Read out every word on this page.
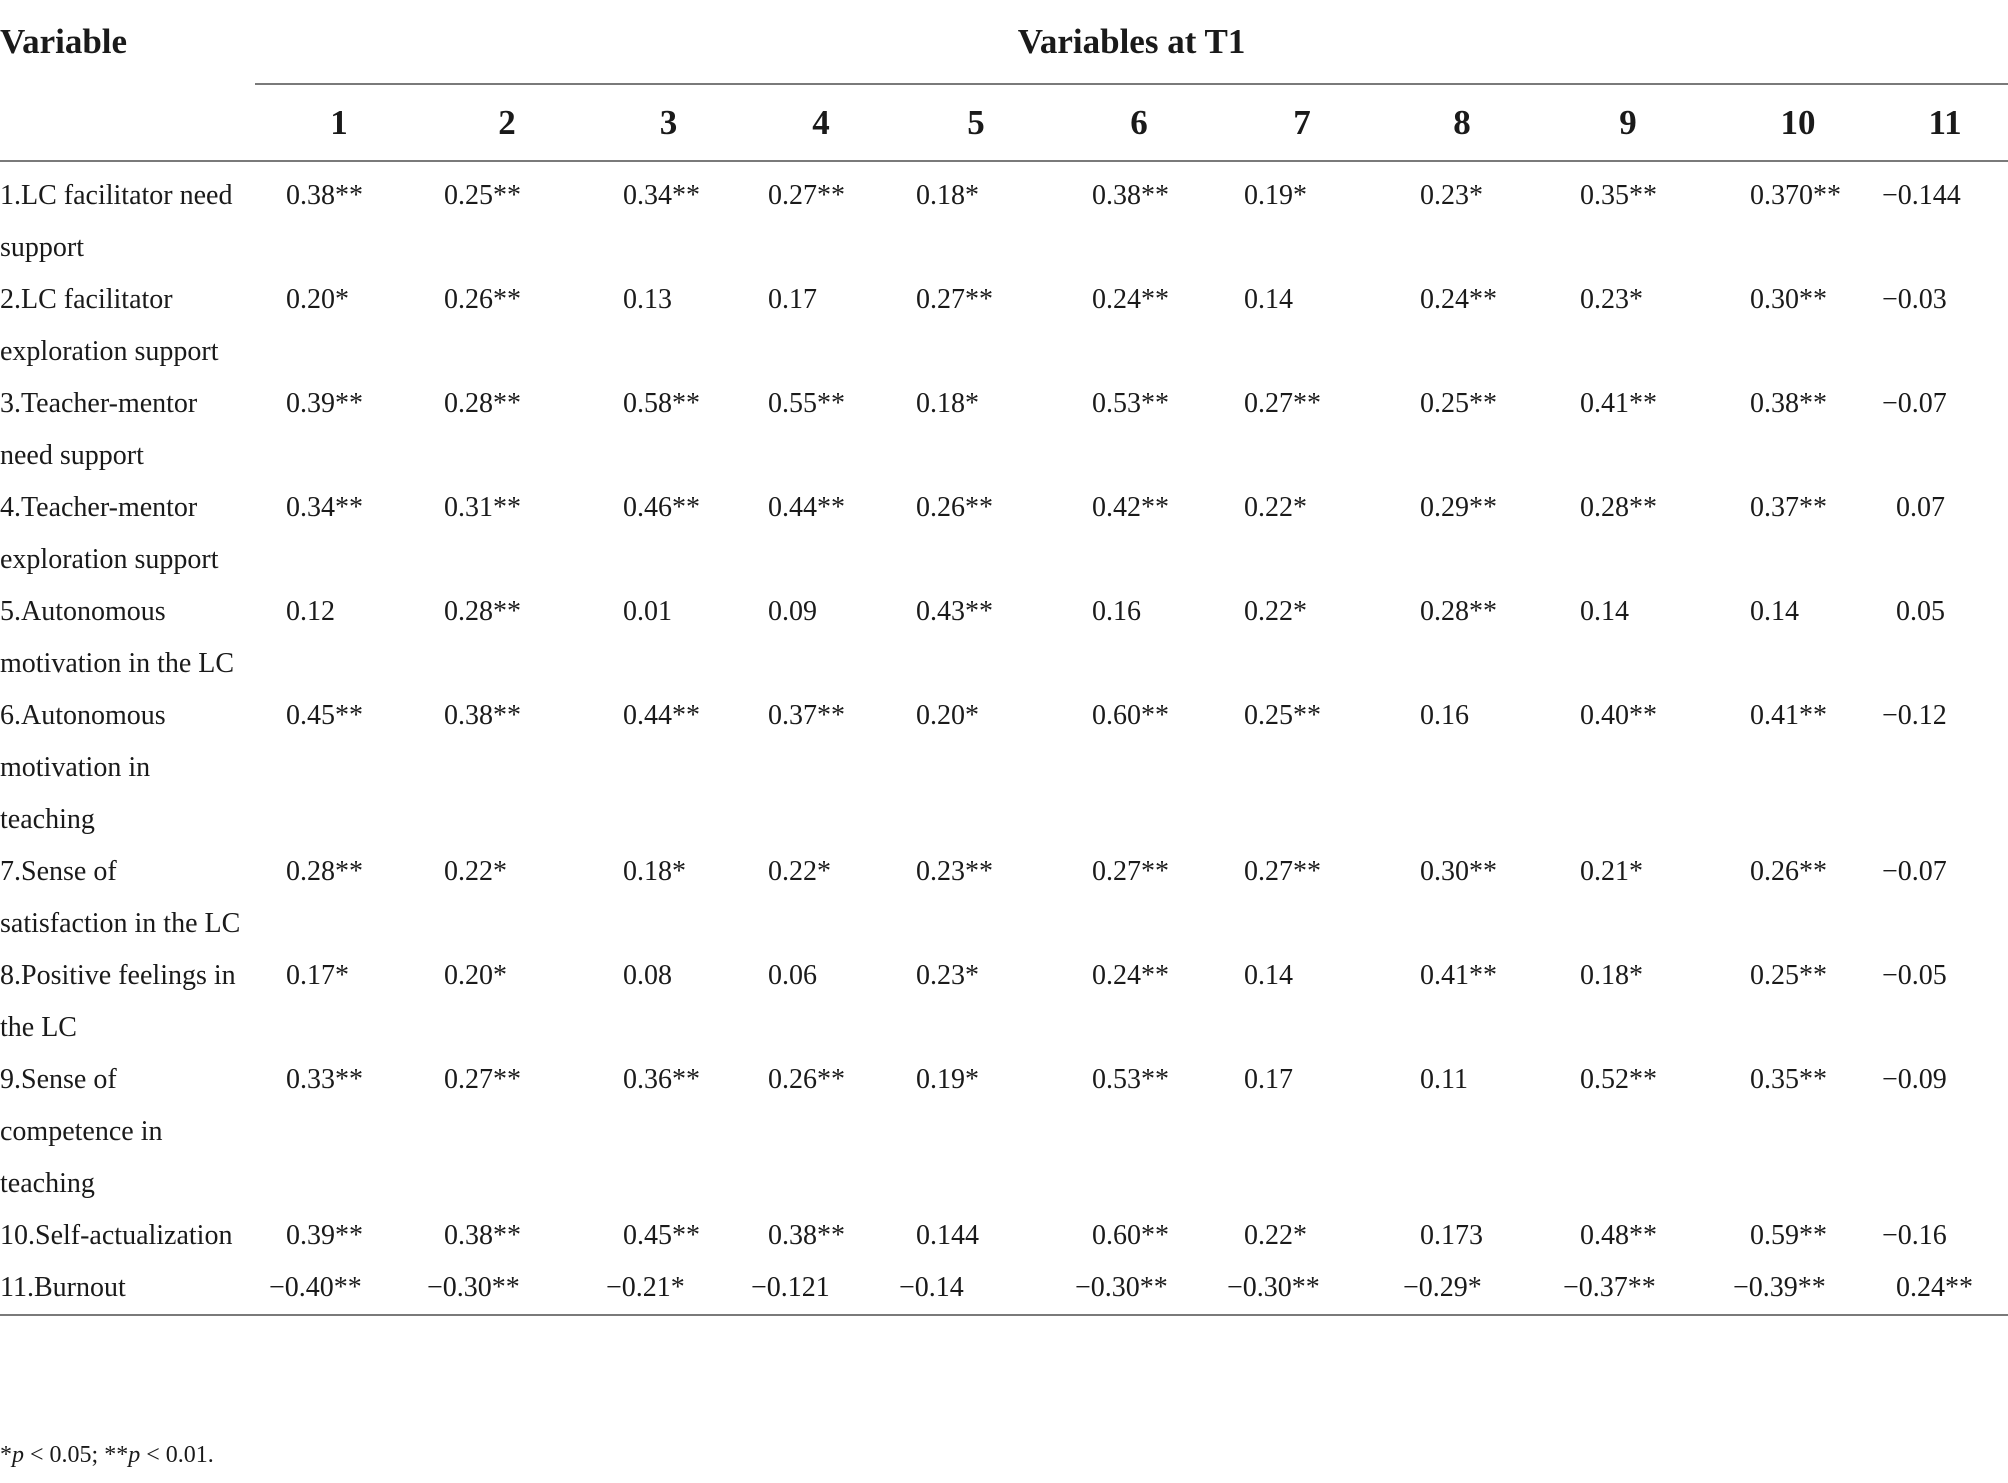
Variable	Variables at T1										
	1	2	3	4	5	6	7	8	9	10	11
1.LC facilitator need support	0.38**	0.25**	0.34**	0.27**	0.18*	0.38**	0.19*	0.23*	0.35**	0.370**	−0.144
2.LC facilitator exploration support	0.20*	0.26**	0.13	0.17	0.27**	0.24**	0.14	0.24**	0.23*	0.30**	−0.03
3.Teacher-mentor need support	0.39**	0.28**	0.58**	0.55**	0.18*	0.53**	0.27**	0.25**	0.41**	0.38**	−0.07
4.Teacher-mentor exploration support	0.34**	0.31**	0.46**	0.44**	0.26**	0.42**	0.22*	0.29**	0.28**	0.37**	0.07
5.Autonomous motivation in the LC	0.12	0.28**	0.01	0.09	0.43**	0.16	0.22*	0.28**	0.14	0.14	0.05
6.Autonomous motivation in teaching	0.45**	0.38**	0.44**	0.37**	0.20*	0.60**	0.25**	0.16	0.40**	0.41**	−0.12
7.Sense of satisfaction in the LC	0.28**	0.22*	0.18*	0.22*	0.23**	0.27**	0.27**	0.30**	0.21*	0.26**	−0.07
8.Positive feelings in the LC	0.17*	0.20*	0.08	0.06	0.23*	0.24**	0.14	0.41**	0.18*	0.25**	−0.05
9.Sense of competence in teaching	0.33**	0.27**	0.36**	0.26**	0.19*	0.53**	0.17	0.11	0.52**	0.35**	−0.09
10.Self-actualization	0.39**	0.38**	0.45**	0.38**	0.144	0.60**	0.22*	0.173	0.48**	0.59**	−0.16
11.Burnout	−0.40**	−0.30**	−0.21*	−0.121	−0.14	−0.30**	−0.30**	−0.29*	−0.37**	−0.39**	0.24**

*p < 0.05; **p < 0.01.
